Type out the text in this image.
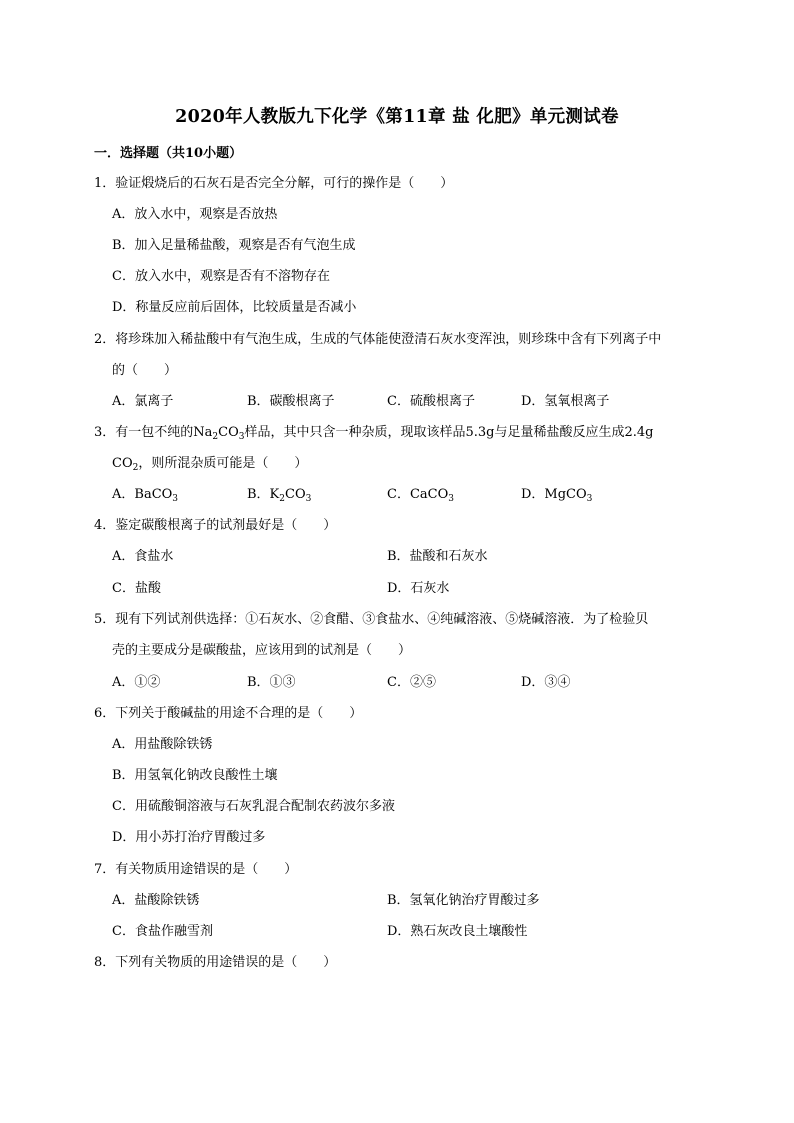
2020年人教版九下化学《第11章 盐 化肥》单元测试卷
一．选择题（共10小题）
1．验证煅烧后的石灰石是否完全分解，可行的操作是（　　）
A．放入水中，观察是否放热
B．加入足量稀盐酸，观察是否有气泡生成
C．放入水中，观察是否有不溶物存在
D．称量反应前后固体，比较质量是否减小
2．将珍珠加入稀盐酸中有气泡生成，生成的气体能使澄清石灰水变浑浊，则珍珠中含有下列离子中
的（　　）
A．氯离子	B．碳酸根离子	C．硫酸根离子	D．氢氧根离子
3．有一包不纯的$Na_2CO_3$样品，其中只含一种杂质，现取该样品5.3g与足量稀盐酸反应生成2.4g
$CO_2$，则所混杂质可能是（　　）
A．BaCO$_3$	B．$K_2CO_3$	C．CaCO$_3$	D．MgCO$_3$
4．鉴定碳酸根离子的试剂最好是（　　）
A．食盐水	B．盐酸和石灰水
C．盐酸	D．石灰水
5．现有下列试剂供选择：①石灰水、②食醋、③食盐水、④纯碱溶液、⑤烧碱溶液．为了检验贝
壳的主要成分是碳酸盐，应该用到的试剂是（　　）
A．①②	B．①③	C．②⑤	D．③④
6．下列关于酸碱盐的用途不合理的是（　　）
A．用盐酸除铁锈
B．用氢氧化钠改良酸性土壤
C．用硫酸铜溶液与石灰乳混合配制农药波尔多液
D．用小苏打治疗胃酸过多
7．有关物质用途错误的是（　　）
A．盐酸除铁锈	B．氢氧化钠治疗胃酸过多
C．食盐作融雪剂	D．熟石灰改良土壤酸性
8．下列有关物质的用途错误的是（　　）
